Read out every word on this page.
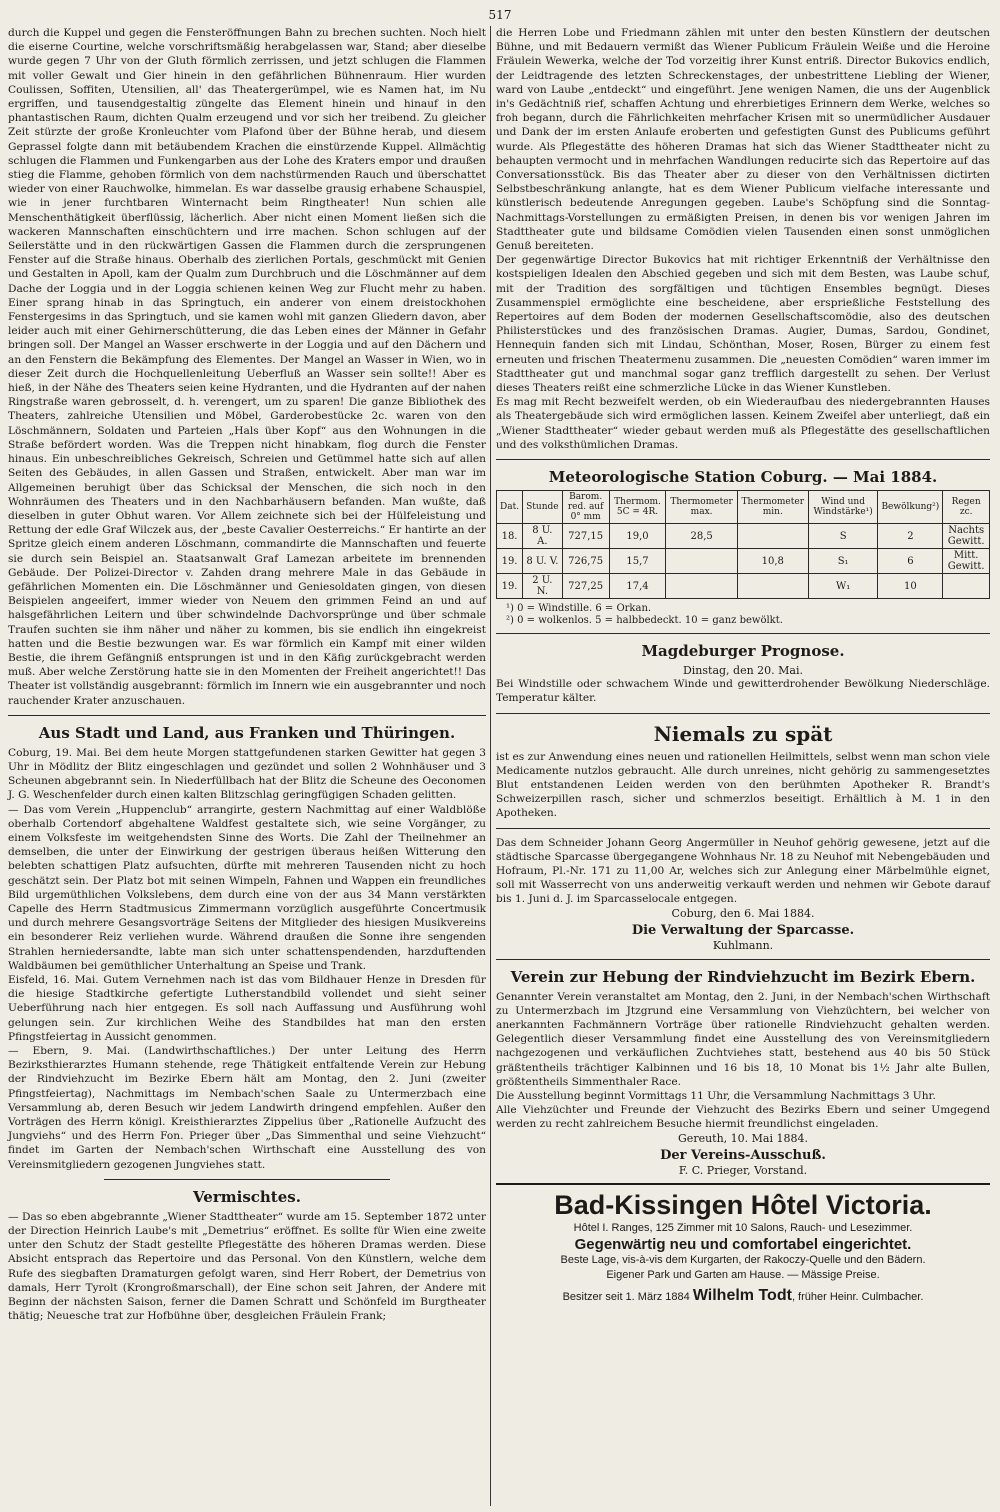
517

durch die Kuppel und gegen die Fensteröffnungen Bahn zu brechen suchten. Noch hielt die eiserne Courtine, welche vorschriftsmäßig herabgelassen war, Stand; aber dieselbe wurde gegen 7 Uhr von der Gluth förmlich zerrissen, und jetzt schlugen die Flammen mit voller Gewalt und Gier hinein in den gefährlichen Bühnenraum. Hier wurden Coulissen, Soffiten, Utensilien, all' das Theatergerümpel, wie es Namen hat, im Nu ergriffen, und tausendgestaltig züngelte das Element hinein und hinauf in den phantastischen Raum, dichten Qualm erzeugend und vor sich her treibend. Zu gleicher Zeit stürzte der große Kronleuchter vom Plafond über der Bühne herab, und diesem Geprassel folgte dann mit betäubendem Krachen die einstürzende Kuppel. Allmächtig schlugen die Flammen und Funkengarben aus der Lohe des Kraters empor und draußen stieg die Flamme, gehoben förmlich von dem nachstürmenden Rauch und überschattet wieder von einer Rauchwolke, himmelan. Es war dasselbe grausig erhabene Schauspiel, wie in jener furchtbaren Winternacht beim Ringtheater! Nun schien alle Menschenthätigkeit überflüssig, lächerlich. Aber nicht einen Moment ließen sich die wackeren Mannschaften einschüchtern und irre machen. Schon schlugen auf der Seilerstätte und in den rückwärtigen Gassen die Flammen durch die zersprungenen Fenster auf die Straße hinaus. Oberhalb des zierlichen Portals, geschmückt mit Genien und Gestalten in Apoll, kam der Qualm zum Durchbruch und die Löschmänner auf dem Dache der Loggia und in der Loggia schienen keinen Weg zur Flucht mehr zu haben. Einer sprang hinab in das Springtuch, ein anderer von einem dreistockhohen Fenstergesims in das Springtuch, und sie kamen wohl mit ganzen Gliedern davon, aber leider auch mit einer Gehirnerschütterung, die das Leben eines der Männer in Gefahr bringen soll. Der Mangel an Wasser erschwerte in der Loggia und auf den Dächern und an den Fenstern die Bekämpfung des Elementes. Der Mangel an Wasser in Wien, wo in dieser Zeit durch die Hochquellenleitung Ueberfluß an Wasser sein sollte!! Aber es hieß, in der Nähe des Theaters seien keine Hydranten, und die Hydranten auf der nahen Ringstraße waren gebrosselt, d. h. verengert, um zu sparen! Die ganze Bibliothek des Theaters, zahlreiche Utensilien und Möbel, Garderobestücke 2c. waren von den Löschmännern, Soldaten und Parteien „Hals über Kopf“ aus den Wohnungen in die Straße befördert worden. Was die Treppen nicht hinabkam, flog durch die Fenster hinaus. Ein unbeschreibliches Gekreisch, Schreien und Getümmel hatte sich auf allen Seiten des Gebäudes, in allen Gassen und Straßen, entwickelt. Aber man war im Allgemeinen beruhigt über das Schicksal der Menschen, die sich noch in den Wohnräumen des Theaters und in den Nachbarhäusern befanden. Man wußte, daß dieselben in guter Obhut waren. Vor Allem zeichnete sich bei der Hülfeleistung und Rettung der edle Graf Wilczek aus, der „beste Cavalier Oesterreichs.“ Er hantirte an der Spritze gleich einem anderen Löschmann, commandirte die Mannschaften und feuerte sie durch sein Beispiel an. Staatsanwalt Graf Lamezan arbeitete im brennenden Gebäude. Der Polizei-Director v. Zahden drang mehrere Male in das Gebäude in gefährlichen Momenten ein. Die Löschmänner und Geniesoldaten gingen, von diesen Beispielen angeeifert, immer wieder von Neuem den grimmen Feind an und auf halsgefährlichen Leitern und über schwindelnde Dachvorsprünge und über schmale Traufen suchten sie ihm näher und näher zu kommen, bis sie endlich ihn eingekreist hatten und die Bestie bezwungen war. Es war förmlich ein Kampf mit einer wilden Bestie, die ihrem Gefängniß entsprungen ist und in den Käfig zurückgebracht werden muß. Aber welche Zerstörung hatte sie in den Momenten der Freiheit angerichtet!! Das Theater ist vollständig ausgebrannt: förmlich im Innern wie ein ausgebrannter und noch rauchender Krater anzuschauen.

Aus Stadt und Land, aus Franken und Thüringen.

Coburg, 19. Mai. Bei dem heute Morgen stattgefundenen starken Gewitter hat gegen 3 Uhr in Mödlitz der Blitz eingeschlagen und gezündet und sollen 2 Wohnhäuser und 3 Scheunen abgebrannt sein. In Niederfüllbach hat der Blitz die Scheune des Oeconomen J. G. Weschenfelder durch einen kalten Blitzschlag geringfügigen Schaden gelitten.

— Das vom Verein „Huppenclub“ arrangirte, gestern Nachmittag auf einer Waldblöße oberhalb Cortendorf abgehaltene Waldfest gestaltete sich, wie seine Vorgänger, zu einem Volksfeste im weitgehendsten Sinne des Worts. Die Zahl der Theilnehmer an demselben, die unter der Einwirkung der gestrigen überaus heißen Witterung den belebten schattigen Platz aufsuchten, dürfte mit mehreren Tausenden nicht zu hoch geschätzt sein. Der Platz bot mit seinen Wimpeln, Fahnen und Wappen ein freundliches Bild urgemüthlichen Volkslebens, dem durch eine von der aus 34 Mann verstärkten Capelle des Herrn Stadtmusicus Zimmermann vorzüglich ausgeführte Concertmusik und durch mehrere Gesangsvorträge Seitens der Mitglieder des hiesigen Musikvereins ein besonderer Reiz verliehen wurde. Während draußen die Sonne ihre sengenden Strahlen herniedersandte, labte man sich unter schattenspendenden, harzduftenden Waldbäumen bei gemüthlicher Unterhaltung an Speise und Trank.

Eisfeld, 16. Mai. Gutem Vernehmen nach ist das vom Bildhauer Henze in Dresden für die hiesige Stadtkirche gefertigte Lutherstandbild vollendet und sieht seiner Ueberführung nach hier entgegen. Es soll nach Auffassung und Ausführung wohl gelungen sein. Zur kirchlichen Weihe des Standbildes hat man den ersten Pfingstfeiertag in Aussicht genommen.

— Ebern, 9. Mai. (Landwirthschaftliches.) Der unter Leitung des Herrn Bezirksthierarztes Humann stehende, rege Thätigkeit entfaltende Verein zur Hebung der Rindviehzucht im Bezirke Ebern hält am Montag, den 2. Juni (zweiter Pfingstfeiertag), Nachmittags im Nembach'schen Saale zu Untermerzbach eine Versammlung ab, deren Besuch wir jedem Landwirth dringend empfehlen. Außer den Vorträgen des Herrn königl. Kreisthierarztes Zippelius über „Rationelle Aufzucht des Jungviehs“ und des Herrn Fon. Prieger über „Das Simmenthal und seine Viehzucht“ findet im Garten der Nembach'schen Wirthschaft eine Ausstellung des von Vereinsmitgliedern gezogenen Jungviehes statt.

Vermischtes.

— Das so eben abgebrannte „Wiener Stadttheater“ wurde am 15. September 1872 unter der Direction Heinrich Laube's mit „Demetrius“ eröffnet. Es sollte für Wien eine zweite unter den Schutz der Stadt gestellte Pflegestätte des höheren Dramas werden. Diese Absicht entsprach das Repertoire und das Personal. Von den Künstlern, welche dem Rufe des siegbaften Dramaturgen gefolgt waren, sind Herr Robert, der Demetrius von damals, Herr Tyrolt (Krongroßmarschall), der Eine schon seit Jahren, der Andere mit Beginn der nächsten Saison, ferner die Damen Schratt und Schönfeld im Burgtheater thätig; Neuesche trat zur Hofbühne über, desgleichen Fräulein Frank;

die Herren Lobe und Friedmann zählen mit unter den besten Künstlern der deutschen Bühne, und mit Bedauern vermißt das Wiener Publicum Fräulein Weiße und die Heroine Fräulein Wewerka, welche der Tod vorzeitig ihrer Kunst entriß. Director Bukovics endlich, der Leidtragende des letzten Schreckenstages, der unbestrittene Liebling der Wiener, ward von Laube „entdeckt“ und eingeführt. Jene wenigen Namen, die uns der Augenblick in's Gedächtniß rief, schaffen Achtung und ehrerbietiges Erinnern dem Werke, welches so froh begann, durch die Fährlichkeiten mehrfacher Krisen mit so unermüdlicher Ausdauer und Dank der im ersten Anlaufe eroberten und gefestigten Gunst des Publicums geführt wurde. Als Pflegestätte des höheren Dramas hat sich das Wiener Stadttheater nicht zu behaupten vermocht und in mehrfachen Wandlungen reducirte sich das Repertoire auf das Conversationsstück. Bis das Theater aber zu dieser von den Verhältnissen dictirten Selbstbeschränkung anlangte, hat es dem Wiener Publicum vielfache interessante und künstlerisch bedeutende Anregungen gegeben. Laube's Schöpfung sind die Sonntag-Nachmittags-Vorstellungen zu ermäßigten Preisen, in denen bis vor wenigen Jahren im Stadttheater gute und bildsame Comödien vielen Tausenden einen sonst unmöglichen Genuß bereiteten.

Der gegenwärtige Director Bukovics hat mit richtiger Erkenntniß der Verhältnisse den kostspieligen Idealen den Abschied gegeben und sich mit dem Besten, was Laube schuf, mit der Tradition des sorgfältigen und tüchtigen Ensembles begnügt. Dieses Zusammenspiel ermöglichte eine bescheidene, aber ersprießliche Feststellung des Repertoires auf dem Boden der modernen Gesellschaftscomödie, also des deutschen Philisterstückes und des französischen Dramas. Augier, Dumas, Sardou, Gondinet, Hennequin fanden sich mit Lindau, Schönthan, Moser, Rosen, Bürger zu einem fest erneuten und frischen Theatermenu zusammen. Die „neuesten Comödien“ waren immer im Stadttheater gut und manchmal sogar ganz trefflich dargestellt zu sehen. Der Verlust dieses Theaters reißt eine schmerzliche Lücke in das Wiener Kunstleben.

Es mag mit Recht bezweifelt werden, ob ein Wiederaufbau des niedergebrannten Hauses als Theatergebäude sich wird ermöglichen lassen. Keinem Zweifel aber unterliegt, daß ein „Wiener Stadttheater“ wieder gebaut werden muß als Pflegestätte des gesellschaftlichen und des volksthümlichen Dramas.

Meteorologische Station Coburg. — Mai 1884.
Dat.	Stunde	Barom. red. auf 0° mm	Thermom. 5C = 4R.	Thermometer max.	Thermometer min.	Wind und Windstärke¹)	Bewölkung²)	Regen zc.
18.	8 U. A.	727,15	19,0	28,5		S	2	Nachts Gewitt.
19.	8 U. V.	726,75	15,7		10,8	S₁	6	Mitt. Gewitt.
19.	2 U. N.	727,25	17,4			W₁	10	
¹) 0 = Windstille. 6 = Orkan.
²) 0 = wolkenlos. 5 = halbbedeckt. 10 = ganz bewölkt.
Magdeburger Prognose.
Dinstag, den 20. Mai.

Bei Windstille oder schwachem Winde und gewitterdrohender Bewölkung Niederschläge. Temperatur kälter.

Niemals zu spät

ist es zur Anwendung eines neuen und rationellen Heilmittels, selbst wenn man schon viele Medicamente nutzlos gebraucht. Alle durch unreines, nicht gehörig zu sammengesetztes Blut entstandenen Leiden werden von den berühmten Apotheker R. Brandt's Schweizerpillen rasch, sicher und schmerzlos beseitigt. Erhältlich à M. 1 in den Apotheken.

Das dem Schneider Johann Georg Angermüller in Neuhof gehörig gewesene, jetzt auf die städtische Sparcasse übergegangene Wohnhaus Nr. 18 zu Neuhof mit Nebengebäuden und Hofraum, Pl.-Nr. 171 zu 11,00 Ar, welches sich zur Anlegung einer Märbelmühle eignet, soll mit Wasserrecht von uns anderweitig verkauft werden und nehmen wir Gebote darauf bis 1. Juni d. J. im Sparcasselocale entgegen.

Coburg, den 6. Mai 1884.
Die Verwaltung der Sparcasse.
Kuhlmann.
Verein zur Hebung der Rindviehzucht im Bezirk Ebern.

Genannter Verein veranstaltet am Montag, den 2. Juni, in der Nembach'schen Wirthschaft zu Untermerzbach im Jtzgrund eine Versammlung von Viehzüchtern, bei welcher von anerkannten Fachmännern Vorträge über rationelle Rindviehzucht gehalten werden. Gelegentlich dieser Versammlung findet eine Ausstellung des von Vereinsmitgliedern nachgezogenen und verkäuflichen Zuchtviehes statt, bestehend aus 40 bis 50 Stück gräßtentheils trächtiger Kalbinnen und 16 bis 18, 10 Monat bis 1½ Jahr alte Bullen, größtentheils Simmenthaler Race.

Die Ausstellung beginnt Vormittags 11 Uhr, die Versammlung Nachmittags 3 Uhr.

Alle Viehzüchter und Freunde der Viehzucht des Bezirks Ebern und seiner Umgegend werden zu recht zahlreichem Besuche hiermit freundlichst eingeladen.

Gereuth, 10. Mai 1884.
Der Vereins-Ausschuß.
F. C. Prieger, Vorstand.
Bad-Kissingen Hôtel Victoria.
Hôtel I. Ranges, 125 Zimmer mit 10 Salons, Rauch- und Lesezimmer.
Gegenwärtig neu und comfortabel eingerichtet.
Beste Lage, vis-à-vis dem Kurgarten, der Rakoczy-Quelle und den Bädern.
Eigener Park und Garten am Hause. — Mässige Preise.
Besitzer seit 1. März 1884 Wilhelm Todt, früher Heinr. Culmbacher.
